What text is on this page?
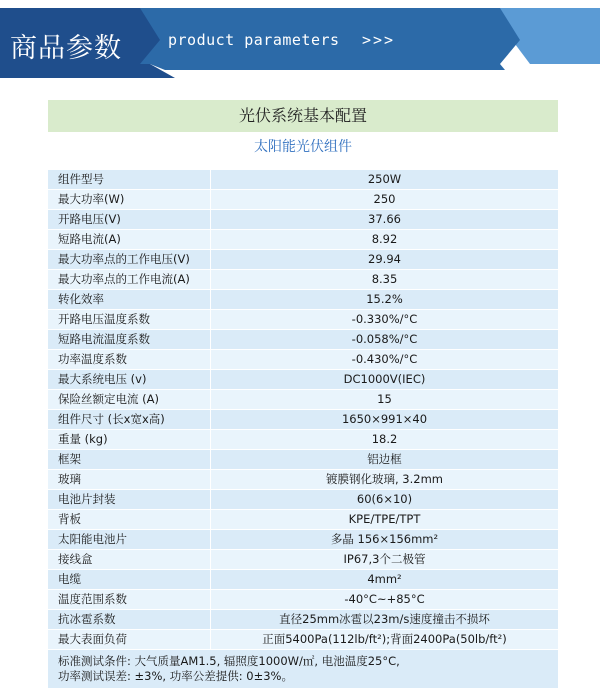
商品参数	product parameters >>>
光伏系统基本配置
太阳能光伏组件
组件型号	250W
最大功率(W)	250
开路电压(V)	37.66
短路电流(A)	8.92
最大功率点的工作电压(V)	29.94
最大功率点的工作电流(A)	8.35
转化效率	15.2%
开路电压温度系数	-0.330%/°C
短路电流温度系数	-0.058%/°C
功率温度系数	-0.430%/°C
最大系统电压 (v)	DC1000V(IEC)
保险丝额定电流 (A)	15
组件尺寸 (长x宽x高)	1650×991×40
重量 (kg)	18.2
框架	铝边框
玻璃	镀膜钢化玻璃, 3.2mm
电池片封装	60(6×10)
背板	KPE/TPE/TPT
太阳能电池片	多晶 156×156mm²
接线盒	IP67,3个二极管
电缆	4mm²
温度范围系数	-40°C~+85°C
抗冰雹系数	直径25mm冰雹以23m/s速度撞击不损坏
最大表面负荷	正面5400Pa(112lb/ft²);背面2400Pa(50lb/ft²)
标准测试条件: 大气质量AM1.5, 辐照度1000W/㎡, 电池温度25°C,
功率测试误差: ±3%, 功率公差提供: 0±3%。
